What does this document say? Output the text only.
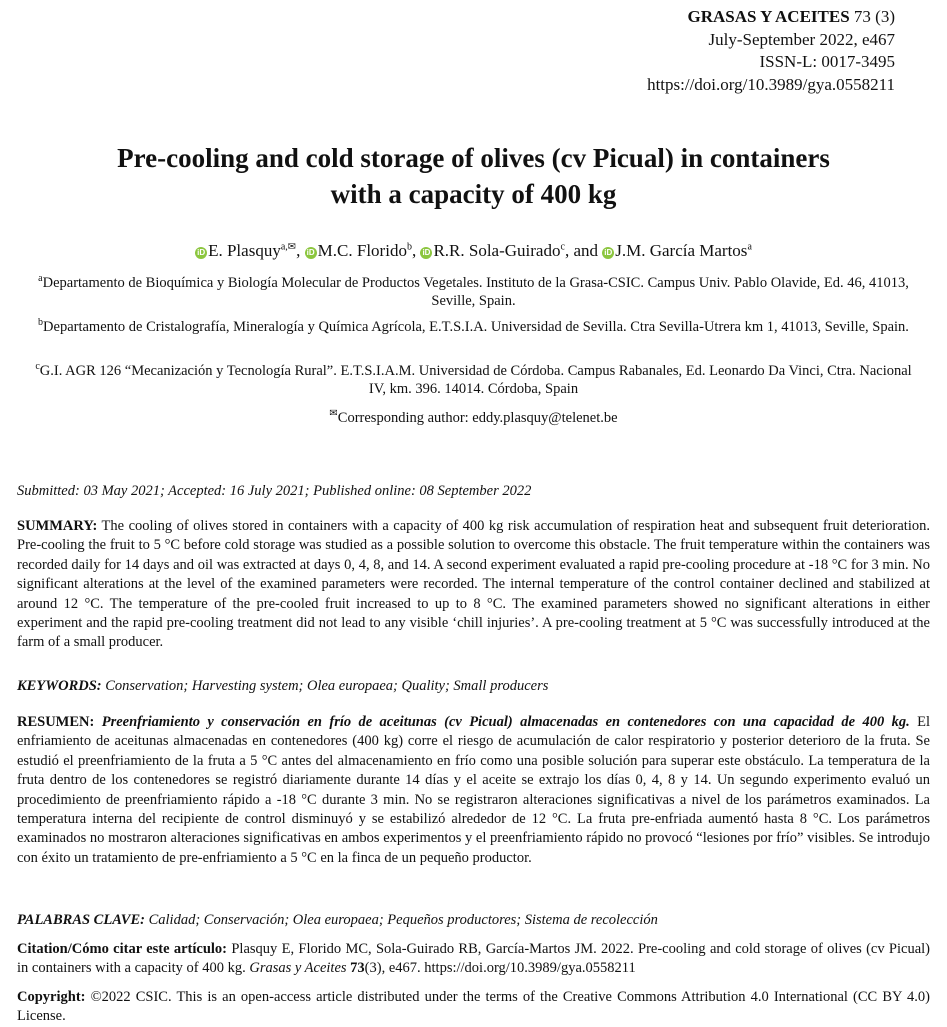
GRASAS Y ACEITES 73 (3)
July-September 2022, e467
ISSN-L: 0017-3495
https://doi.org/10.3989/gya.0558211
Pre-cooling and cold storage of olives (cv Picual) in containers
with a capacity of 400 kg
iD E. Plasquy$^{a,✉}$, iD M.C. Florido$^b$, iD R.R. Sola-Guirado$^c$, and iD J.M. García Martos$^a$
$^a$Departamento de Bioquímica y Biología Molecular de Productos Vegetales. Instituto de la Grasa-CSIC. Campus Univ. Pablo Olavide, Ed. 46, 41013, Seville, Spain.
$^b$Departamento de Cristalografía, Mineralogía y Química Agrícola, E.T.S.I.A. Universidad de Sevilla. Ctra Sevilla-Utrera km 1, 41013, Seville, Spain.
$^c$G.I. AGR 126 “Mecanización y Tecnología Rural”. E.T.S.I.A.M. Universidad de Córdoba. Campus Rabanales, Ed. Leonardo Da Vinci, Ctra. Nacional IV, km. 396. 14014. Córdoba, Spain
✉Corresponding author: eddy.plasquy@telenet.be
Submitted: 03 May 2021; Accepted: 16 July 2021; Published online: 08 September 2022
SUMMARY: The cooling of olives stored in containers with a capacity of 400 kg risk accumulation of respiration heat and subsequent fruit deterioration. Pre-cooling the fruit to 5 °C before cold storage was studied as a possible solution to overcome this obstacle. The fruit temperature within the containers was recorded daily for 14 days and oil was extracted at days 0, 4, 8, and 14. A second experiment evaluated a rapid pre-cooling procedure at -18 °C for 3 min. No significant alterations at the level of the examined parameters were recorded. The internal temperature of the control container declined and stabilized at around 12 °C. The temperature of the pre-cooled fruit increased to up to 8 °C. The examined parameters showed no significant alterations in either experiment and the rapid pre-cooling treatment did not lead to any visible ‘chill injuries’. A pre-cooling treatment at 5 °C was successfully introduced at the farm of a small producer.
KEYWORDS: Conservation; Harvesting system; Olea europaea; Quality; Small producers
RESUMEN: Preenfriamiento y conservación en frío de aceitunas (cv Picual) almacenadas en contenedores con una capacidad de 400 kg. El enfriamiento de aceitunas almacenadas en contenedores (400 kg) corre el riesgo de acumulación de calor respiratorio y posterior deterioro de la fruta. Se estudió el preenfriamiento de la fruta a 5 °C antes del almacenamiento en frío como una posible solución para superar este obstáculo. La temperatura de la fruta dentro de los contenedores se registró diariamente durante 14 días y el aceite se extrajo los días 0, 4, 8 y 14. Un segundo experimento evaluó un procedimiento de preenfriamiento rápido a -18 °C durante 3 min. No se registraron alteraciones significativas a nivel de los parámetros examinados. La temperatura interna del recipiente de control disminuyó y se estabilizó alrededor de 12 °C. La fruta pre-enfriada aumentó hasta 8 °C. Los parámetros examinados no mostraron alteraciones significativas en ambos experimentos y el preenfriamiento rápido no provocó “lesiones por frío” visibles. Se introdujo con éxito un tratamiento de pre-enfriamiento a 5 °C en la finca de un pequeño productor.
PALABRAS CLAVE: Calidad; Conservación; Olea europaea; Pequeños productores; Sistema de recolección
Citation/Cómo citar este artículo: Plasquy E, Florido MC, Sola-Guirado RB, García-Martos JM. 2022. Pre-cooling and cold storage of olives (cv Picual) in containers with a capacity of 400 kg. Grasas y Aceites 73(3), e467. https://doi.org/10.3989/gya.0558211
Copyright: ©2022 CSIC. This is an open-access article distributed under the terms of the Creative Commons Attribution 4.0 International (CC BY 4.0) License.
